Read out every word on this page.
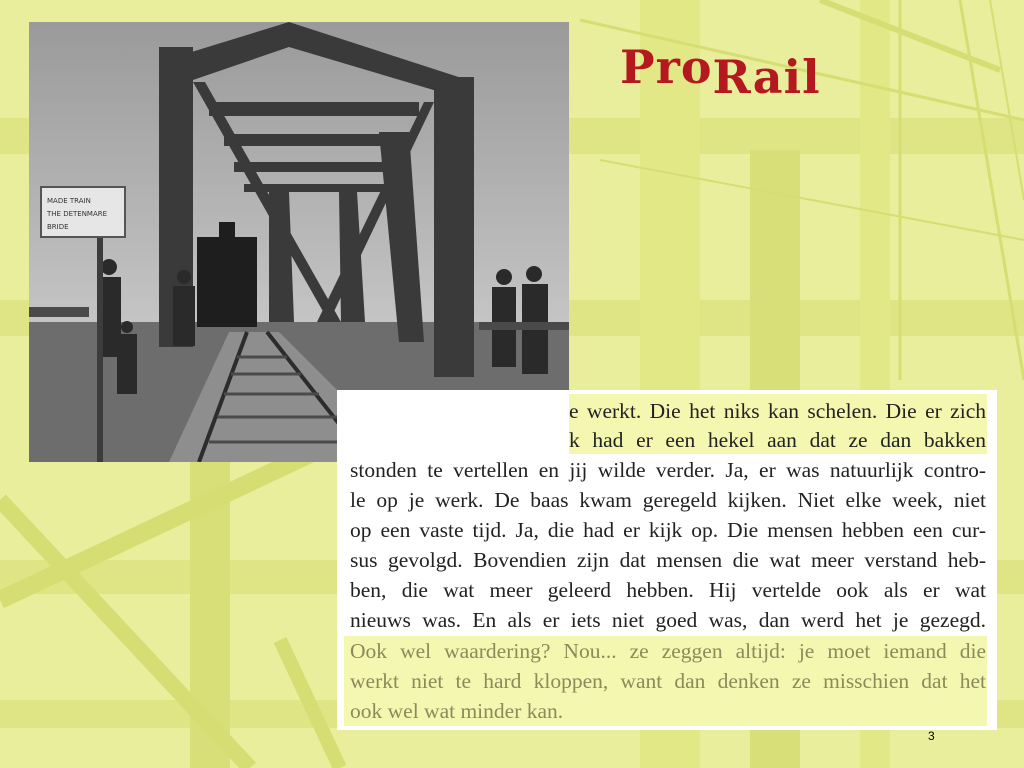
MADE TRAIN
THE DETENMARE
BRIDE
ProRail
e werkt. Die het niks kan schelen. Die er zich
k had er een hekel aan dat ze dan bakken
stonden te vertellen en jij wilde verder. Ja, er was natuurlijk contro-
le op je werk. De baas kwam geregeld kijken. Niet elke week, niet
op een vaste tijd. Ja, die had er kijk op. Die mensen hebben een cur-
sus gevolgd. Bovendien zijn dat mensen die wat meer verstand heb-
ben, die wat meer geleerd hebben. Hij vertelde ook als er wat
nieuws was. En als er iets niet goed was, dan werd het je gezegd.
Ook wel waardering? Nou... ze zeggen altijd: je moet iemand die
werkt niet te hard kloppen, want dan denken ze misschien dat het
ook wel wat minder kan.
3
